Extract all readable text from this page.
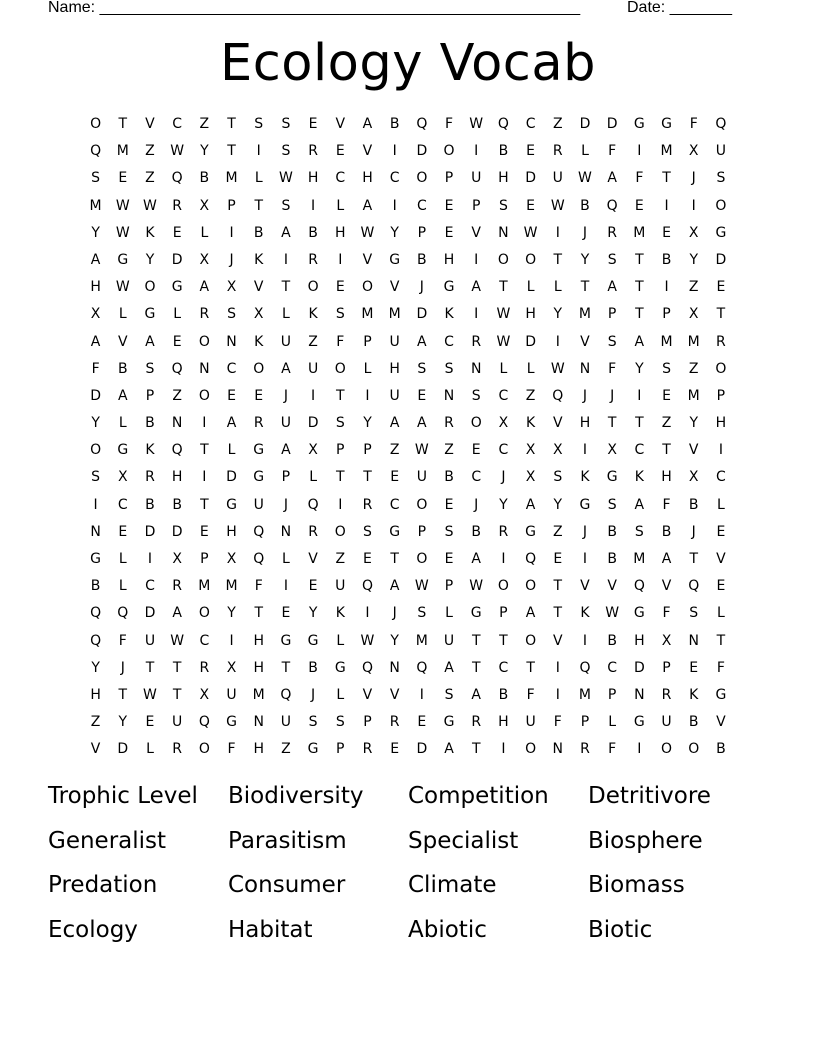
Name: ______________________________________________________	Date: _______
Ecology Vocab
O	T	V	C	Z	T	S	S	E	V	A	B	Q	F	W	Q	C	Z	D	D	G	G	F	Q
Q	M	Z	W	Y	T	I	S	R	E	V	I	D	O	I	B	E	R	L	F	I	M	X	U
S	E	Z	Q	B	M	L	W	H	C	H	C	O	P	U	H	D	U	W	A	F	T	J	S
M	W W	R	X	P	T	S	I	L	A	I	C	E	P	S	E	W	B	Q	E	I	I	O
Y	W	K	E	L	I	B	A	B	H	W	Y	P	E	V	N	W	I	J	R	M	E	X	G
A	G	Y	D	X	J	K	I	R	I	V	G	B	H	I	O	O	T	Y	S	T	B	Y	D
H	W	O	G	A	X	V	T	O	E	O	V	J	G	A	T	L	L	T	A	T	I	Z	E
X	L	G	L	R	S	X	L	K	S	M	M	D	K	I	W	H	Y	M	P	T	P	X	T
A	V	A	E	O	N	K	U	Z	F	P	U	A	C	R	W	D	I	V	S	A	M	M	R
F	B	S	Q	N	C	O	A	U	O	L	H	S	S	N	L	L	W	N	F	Y	S	Z	O
D	A	P	Z	O	E	E	J	I	T	I	U	E	N	S	C	Z	Q	J	J	I	E	M	P
Y	L	B	N	I	A	R	U	D	S	Y	A	A	R	O	X	K	V	H	T	T	Z	Y	H
O	G	K	Q	T	L	G	A	X	P	P	Z	W	Z	E	C	X	X	I	X	C	T	V	I
S	X	R	H	I	D	G	P	L	T	T	E	U	B	C	J	X	S	K	G	K	H	X	C
I	C	B	B	T	G	U	J	Q	I	R	C	O	E	J	Y	A	Y	G	S	A	F	B	L
N	E	D	D	E	H	Q	N	R	O	S	G	P	S	B	R	G	Z	J	B	S	B	J	E
G	L	I	X	P	X	Q	L	V	Z	E	T	O	E	A	I	Q	E	I	B	M	A	T	V
B	L	C	R	M	M	F	I	E	U	Q	A	W	P	W	O	O	T	V	V	Q	V	Q	E
Q	Q	D	A	O	Y	T	E	Y	K	I	J	S	L	G	P	A	T	K	W	G	F	S	L
Q	F	U	W	C	I	H	G	G	L	W	Y	M	U	T	T	O	V	I	B	H	X	N	T
Y	J	T	T	R	X	H	T	B	G	Q	N	Q	A	T	C	T	I	Q	C	D	P	E	F
H	T	W	T	X	U	M	Q	J	L	V	V	I	S	A	B	F	I	M	P	N	R	K	G
Z	Y	E	U	Q	G	N	U	S	S	P	R	E	G	R	H	U	F	P	L	G	U	B	V
V	D	L	R	O	F	H	Z	G	P	R	E	D	A	T	I	O	N	R	F	I	O	O	B
Trophic Level	Biodiversity	Competition	Detritivore
Generalist	Parasitism	Specialist	Biosphere
Predation	Consumer	Climate	Biomass
Ecology	Habitat	Abiotic	Biotic
